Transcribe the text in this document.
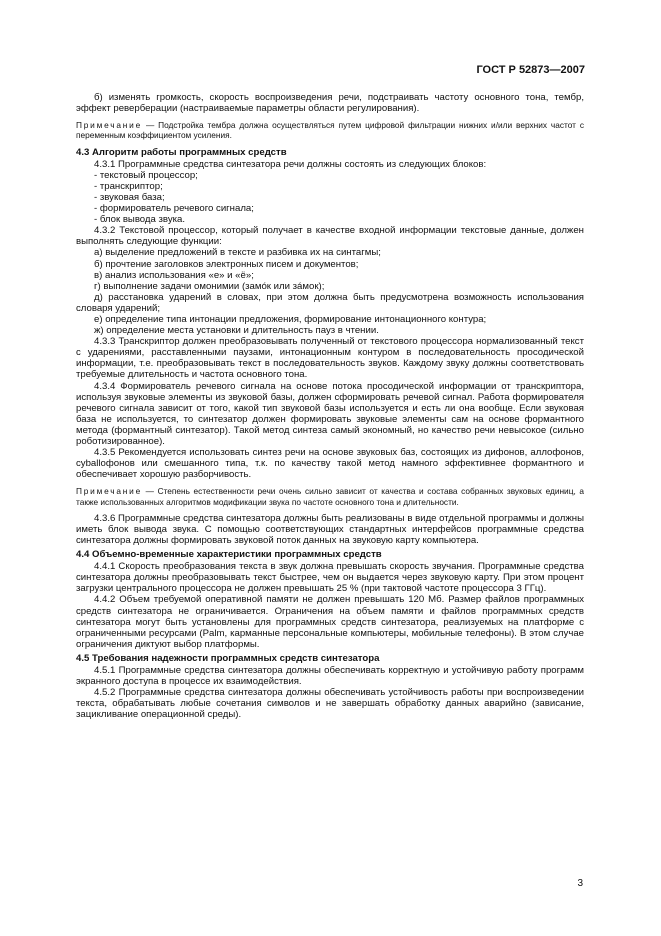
ГОСТ Р 52873—2007

б) изменять громкость, скорость воспроизведения речи, подстраивать частоту основного тона, тембр, эффект реверберации (настраиваемые параметры области регулирования).

Примечание — Подстройка тембра должна осуществляться путем цифровой фильтрации нижних и/или верхних частот с переменным коэффициентом усиления.

4.3 Алгоритм работы программных средств

4.3.1 Программные средства синтезатора речи должны состоять из следующих блоков:

- текстовый процессор;

- транскриптор;

- звуковая база;

- формирователь речевого сигнала;

- блок вывода звука.

4.3.2 Текстовой процессор, который получает в качестве входной информации текстовые данные, должен выполнять следующие функции:

а) выделение предложений в тексте и разбивка их на синтагмы;

б) прочтение заголовков электронных писем и документов;

в) анализ использования «е» и «ё»;

г) выполнение задачи омонимии (замóк или зáмок);

д) расстановка ударений в словах, при этом должна быть предусмотрена возможность использования словаря ударений;

е) определение типа интонации предложения, формирование интонационного контура;

ж) определение места установки и длительность пауз в чтении.

4.3.3 Транскриптор должен преобразовывать полученный от текстового процессора нормализованный текст с ударениями, расставленными паузами, интонационным контуром в последовательность просодической информации, т.е. преобразовывать текст в последовательность звуков. Каждому звуку должны соответствовать требуемые длительность и частота основного тона.

4.3.4 Формирователь речевого сигнала на основе потока просодической информации от транскриптора, используя звуковые элементы из звуковой базы, должен сформировать речевой сигнал. Работа формирователя речевого сигнала зависит от того, какой тип звуковой базы используется и есть ли она вообще. Если звуковая база не используется, то синтезатор должен формировать звуковые элементы сам на основе формантного метода (формантный синтезатор). Такой метод синтеза самый экономный, но качество речи невысокое (сильно роботизированное).

4.3.5 Рекомендуется использовать синтез речи на основе звуковых баз, состоящих из дифонов, аллофонов, суballофонов или смешанного типа, т.к. по качеству такой метод намного эффективнее формантного и обеспечивает хорошую разборчивость.

Примечание — Степень естественности речи очень сильно зависит от качества и состава собранных звуковых единиц, а также использованных алгоритмов модификации звука по частоте основного тона и длительности.

4.3.6 Программные средства синтезатора должны быть реализованы в виде отдельной программы и должны иметь блок вывода звука. С помощью соответствующих стандартных интерфейсов программные средства синтезатора должны формировать звуковой поток данных на звуковую карту компьютера.

4.4 Объемно-временные характеристики программных средств

4.4.1 Скорость преобразования текста в звук должна превышать скорость звучания. Программные средства синтезатора должны преобразовывать текст быстрее, чем он выдается через звуковую карту. При этом процент загрузки центрального процессора не должен превышать 25 % (при тактовой частоте процессора 3 ГГц).

4.4.2 Объем требуемой оперативной памяти не должен превышать 120 Мб. Размер файлов программных средств синтезатора не ограничивается. Ограничения на объем памяти и файлов программных средств синтезатора могут быть установлены для программных средств синтезатора, реализуемых на платформе с ограниченными ресурсами (Palm, карманные персональные компьютеры, мобильные телефоны). В этом случае ограничения диктуют выбор платформы.

4.5 Требования надежности программных средств синтезатора

4.5.1 Программные средства синтезатора должны обеспечивать корректную и устойчивую работу программ экранного доступа в процессе их взаимодействия.

4.5.2 Программные средства синтезатора должны обеспечивать устойчивость работы при воспроизведении текста, обрабатывать любые сочетания символов и не завершать обработку данных аварийно (зависание, зацикливание операционной среды).

3
